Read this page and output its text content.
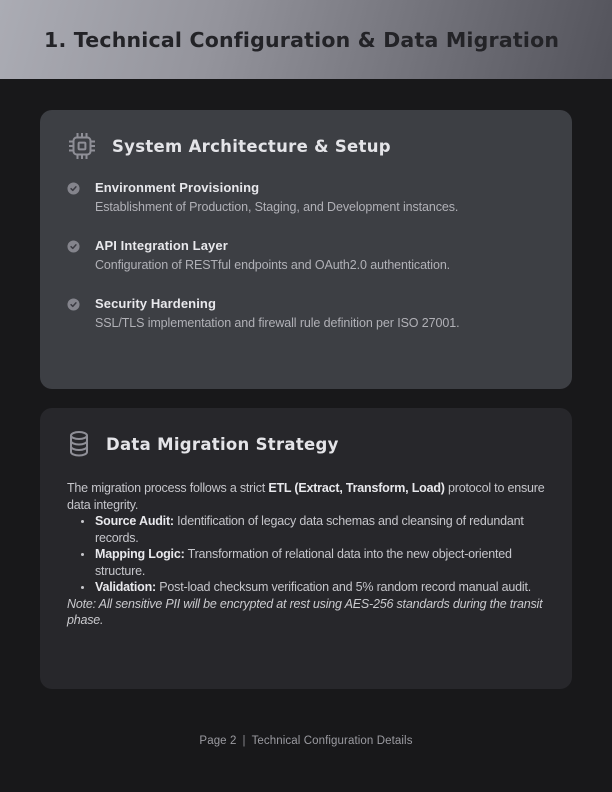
1. Technical Configuration & Data Migration
System Architecture & Setup
Environment Provisioning
Establishment of Production, Staging, and Development instances.
API Integration Layer
Configuration of RESTful endpoints and OAuth2.0 authentication.
Security Hardening
SSL/TLS implementation and firewall rule definition per ISO 27001.
Data Migration Strategy

The migration process follows a strict ETL (Extract, Transform, Load) protocol to ensure data integrity.

• Source Audit: Identification of legacy data schemas and cleansing of redundant records.
• Mapping Logic: Transformation of relational data into the new object-oriented structure.
• Validation: Post-load checksum verification and 5% random record manual audit.

Note: All sensitive PII will be encrypted at rest using AES-256 standards during the transit phase.

Page 2 | Technical Configuration Details
